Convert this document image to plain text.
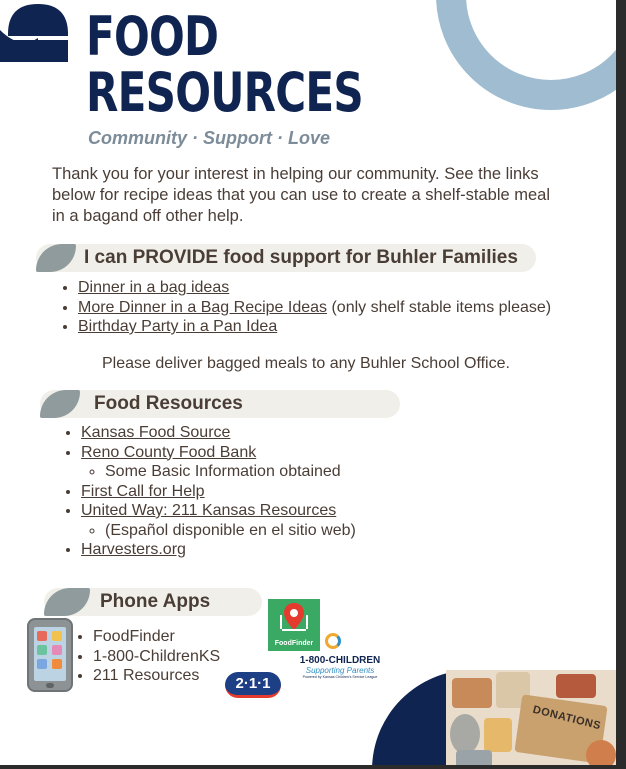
FOOD
RESOURCES

Community · Support · Love

Thank you for your interest in helping our community. See the links below for recipe ideas that you can use to create a shelf-stable meal in a bagand off other help.

I can PROVIDE food support for Buhler Families
• Dinner in a bag ideas
• More Dinner in a Bag Recipe Ideas (only shelf stable items please)
• Birthday Party in a Pan Idea

Please deliver bagged meals to any Buhler School Office.

Food Resources
• Kansas Food Source
• Reno County Food Bank
◦ Some Basic Information obtained
• First Call for Help
• United Way: 211 Kansas Resources
◦ (Español disponible en el sitio web)
• Harvesters.org
Phone Apps
• FoodFinder
• 1-800-ChildrenKS
• 211 Resources
FoodFinder
1-800-CHILDREN
Supporting Parents
Powered by Kansas Children's Service League
2·1·1
DONATIONS
